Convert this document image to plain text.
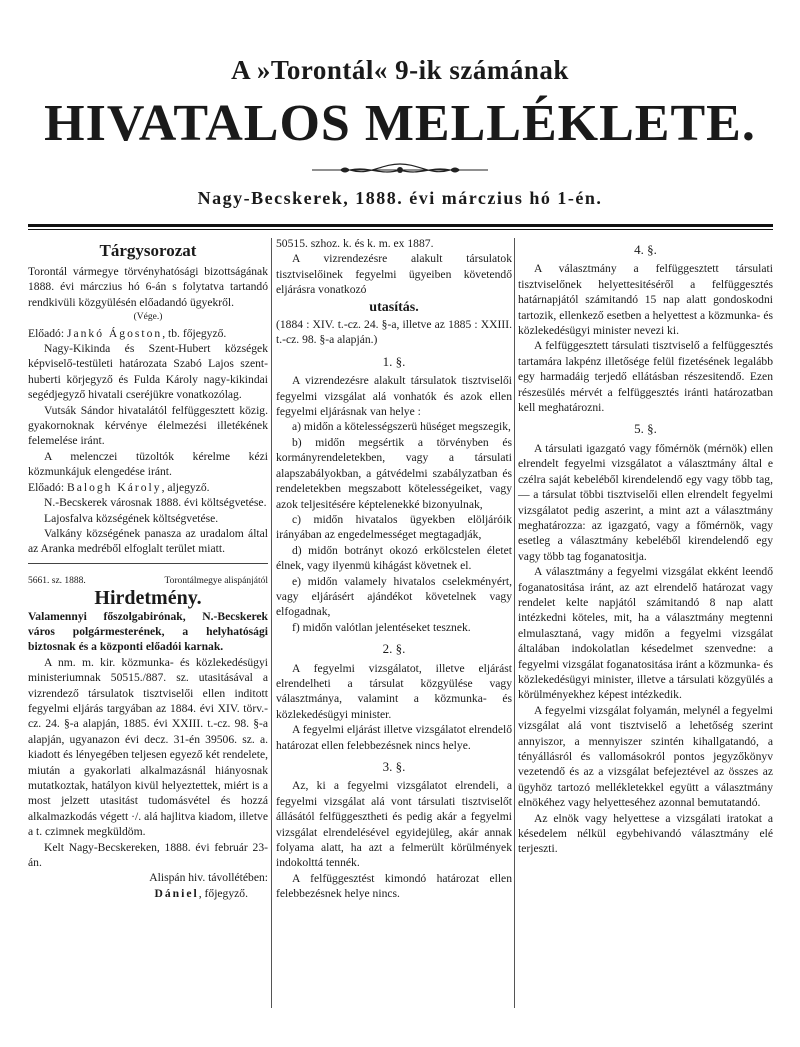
A »Torontál« 9-ik számának
HIVATALOS MELLÉKLETE.
Nagy-Becskerek, 1888. évi márczius hó 1-én.
Tárgysorozat

Torontál vármegye törvényhatósági bizottságának 1888. évi márczius hó 6-án s folytatva tartandó rendkivüli közgyülésén előadandó ügyekről.

(Vége.)

Előadó: Jankó Ágoston, tb. főjegyző.

Nagy-Kikinda és Szent-Hubert községek képviselő-testületi határozata Szabó Lajos szent-huberti körjegyző és Fulda Károly nagy-kikindai segédjegyző hivatali cseréjükre vonatkozólag.

Vutsák Sándor hivatalától felfüggesztett közig. gyakornoknak kérvénye élelmezési illetékének felemelése iránt.

A melenczei tüzoltók kérelme kézi közmunkájuk elengedése iránt.

Előadó: Balogh Károly, aljegyző.

N.-Becskerek városnak 1888. évi költségvetése.

Lajosfalva községének költségvetése.

Valkány községének panasza az uradalom által az Aranka medréből elfoglalt terület miatt.

5661. sz. 1888.	Torontálmegye alispánjától
Hirdetmény.

Valamennyi főszolgabirónak, N.-Becskerek város polgármesterének, a helyhatósági biztosnak és a központi előadói karnak.

A nm. m. kir. közmunka- és közlekedésügyi ministeriumnak 50515./887. sz. utasitásával a vizrendező társulatok tisztviselői ellen inditott fegyelmi eljárás targyában az 1884. évi XIV. törv.-cz. 24. §-a alapján, 1885. évi XXIII. t.-cz. 98. §-a alapján, ugyanazon évi decz. 31-én 39506. sz. a. kiadott és lényegében teljesen egyező két rendelete, miután a gyakorlati alkalmazásnál hiányosnak mutatkoztak, hatályon kivül helyeztettek, miért is a most jelzett utasitást tudomásvétel és hozzá alkalmazkodás végett ·/. alá hajlitva kiadom, illetve a t. czimnek megküldöm.

Kelt Nagy-Becskereken, 1888. évi február 23-án.

Alispán hiv. távollétében:

Dániel, főjegyző.

50515. szhoz. k. és k. m. ex 1887.

A vizrendezésre alakult társulatok tisztviselőinek fegyelmi ügyeiben követendő eljárásra vonatkozó

utasítás.

(1884 : XIV. t.-cz. 24. §-a, illetve az 1885 : XXIII. t.-cz. 98. §-a alapján.)

1. §.

A vizrendezésre alakult társulatok tisztviselői fegyelmi vizsgálat alá vonhatók és azok ellen fegyelmi eljárásnak van helye :

a) midőn a kötelességszerü hüséget megszegik,

b) midőn megsértik a törvényben és kormányrendeletekben, vagy a társulati alapszabályokban, a gátvédelmi szabályzatban és rendeletekben megszabott kötelességeiket, vagy azok teljesitésére képtelenekké bizonyulnak,

c) midőn hivatalos ügyekben elöljáróik irányában az engedelmességet megtagadják,

d) midőn botrányt okozó erkölcstelen életet élnek, vagy ilyenmü kihágást követnek el.

e) midőn valamely hivatalos cselekményért, vagy eljárásért ajándékot követelnek vagy elfogadnak,

f) midőn valótlan jelentéseket tesznek.

2. §.

A fegyelmi vizsgálatot, illetve eljárást elrendelheti a társulat közgyülése vagy választmánya, valamint a közmunka- és közlekedésügyi minister.

A fegyelmi eljárást illetve vizsgálatot elrendelő határozat ellen felebbezésnek nincs helye.

3. §.

Az, ki a fegyelmi vizsgálatot elrendeli, a fegyelmi vizsgálat alá vont társulati tisztviselőt állásától felfüggesztheti és pedig akár a fegyelmi vizsgálat elrendelésével egyidejüleg, akár annak folyama alatt, ha azt a felmerült körülmények indokolttá tennék.

A felfüggesztést kimondó határozat ellen felebbezésnek helye nincs.

4. §.

A választmány a felfüggesztett társulati tisztviselőnek helyettesitéséről a felfüggesztés határnapjától számitandó 15 nap alatt gondoskodni tartozik, ellenkező esetben a helyettest a közmunka- és közlekedésügyi minister nevezi ki.

A felfüggesztett társulati tisztviselő a felfüggesztés tartamára lakpénz illetősége felül fizetésének legalább egy harmadáig terjedő ellátásban részesitendő. Ezen részesülés mérvét a felfüggesztés iránti határozatban kell meghatározni.

5. §.

A társulati igazgató vagy főmérnök (mérnök) ellen elrendelt fegyelmi vizsgálatot a választmány által e czélra saját kebeléből kirendelendő egy vagy több tag, — a társulat többi tisztviselői ellen elrendelt fegyelmi vizsgálatot pedig aszerint, a mint azt a választmány meghatározza: az igazgató, vagy a főmérnök, vagy esetleg a választmány kebeléből kirendelendő egy vagy több tag foganatositja.

A választmány a fegyelmi vizsgálat ekként leendő foganatositása iránt, az azt elrendelő határozat vagy rendelet kelte napjától számitandó 8 nap alatt intézkedni köteles, mit, ha a választmány megtenni elmulasztaná, vagy midőn a fegyelmi vizsgálat általában indokolatlan késedelmet szenvedne: a fegyelmi vizsgálat foganatositása iránt a közmunka- és közlekedésügyi minister, illetve a társulati közgyülés a körülményekhez képest intézkedik.

A fegyelmi vizsgálat folyamán, melynél a fegyelmi vizsgálat alá vont tisztviselő a lehetőség szerint annyiszor, a mennyiszer szintén kihallgatandó, a tényállásról és vallomásokról pontos jegyzőkönyv vezetendő és az a vizsgálat befejeztével az összes az ügyhöz tartozó mellékletekkel együtt a választmány elnökéhez vagy helyetteséhez azonnal bemutatandó.

Az elnök vagy helyettese a vizsgálati iratokat a késedelem nélkül egybehivandó választmány elé terjeszti.
